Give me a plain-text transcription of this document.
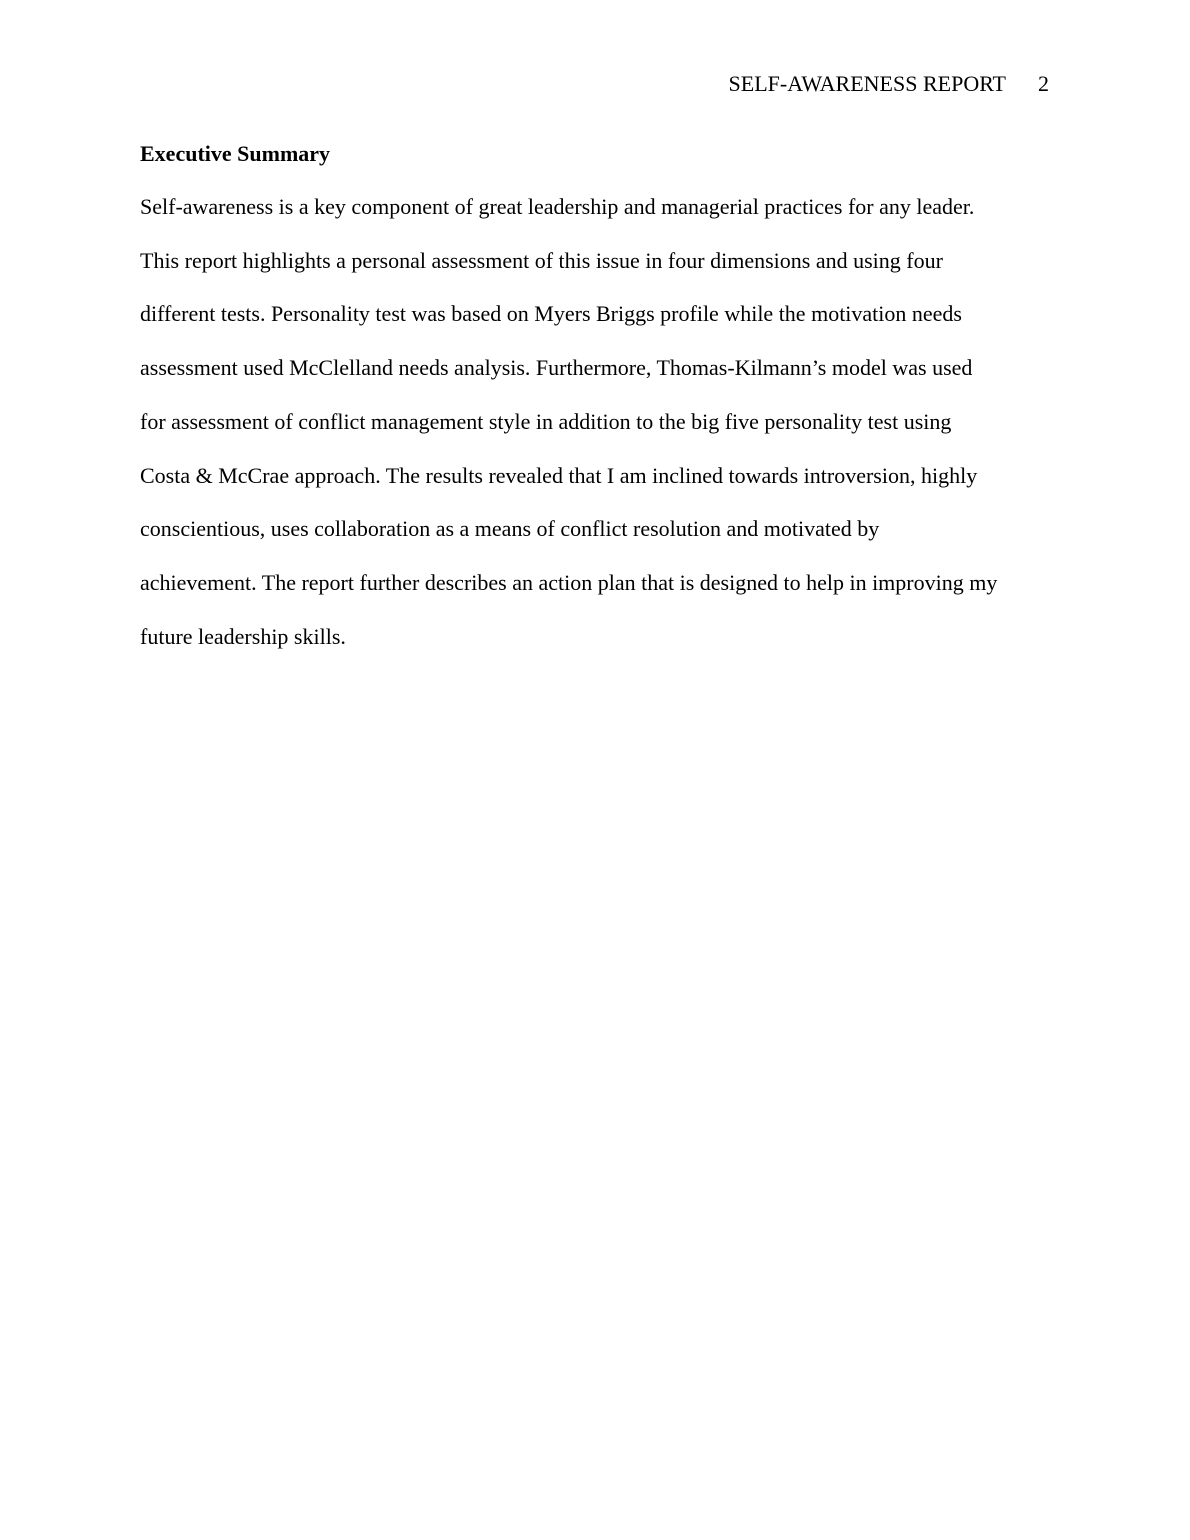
SELF-AWARENESS REPORT 2
Executive Summary

Self-awareness is a key component of great leadership and managerial practices for any leader.
This report highlights a personal assessment of this issue in four dimensions and using four
different tests. Personality test was based on Myers Briggs profile while the motivation needs
assessment used McClelland needs analysis. Furthermore, Thomas-Kilmann’s model was used
for assessment of conflict management style in addition to the big five personality test using
Costa & McCrae approach. The results revealed that I am inclined towards introversion, highly
conscientious, uses collaboration as a means of conflict resolution and motivated by
achievement. The report further describes an action plan that is designed to help in improving my
future leadership skills.
